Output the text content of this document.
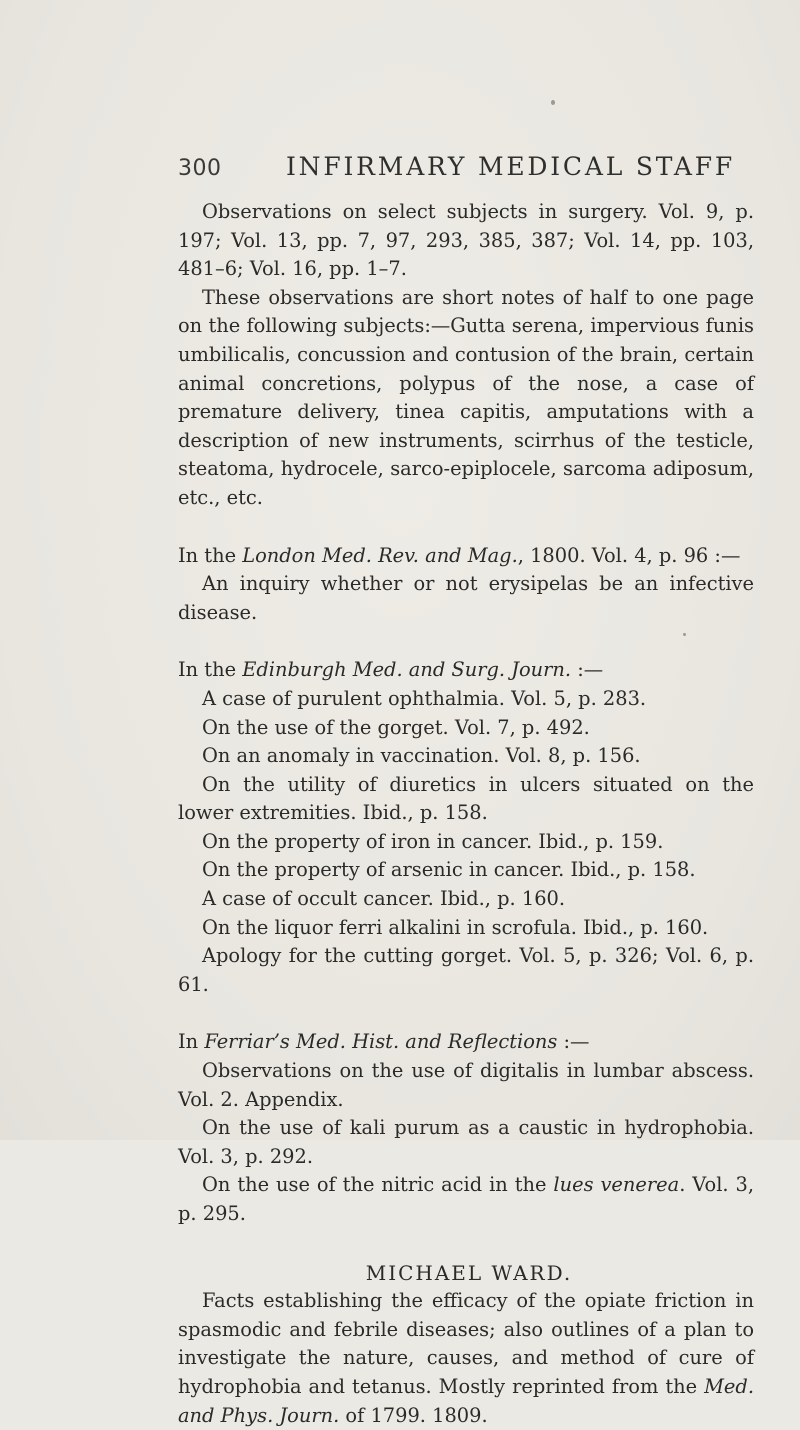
300	INFIRMARY MEDICAL STAFF

Observations on select subjects in surgery. Vol. 9, p. 197; Vol. 13, pp. 7, 97, 293, 385, 387; Vol. 14, pp. 103, 481–6; Vol. 16, pp. 1–7.

These observations are short notes of half to one page on the following subjects:—Gutta serena, impervious funis umbilicalis, concussion and contusion of the brain, certain animal concretions, polypus of the nose, a case of premature delivery, tinea capitis, amputations with a description of new instruments, scirrhus of the testicle, steatoma, hydrocele, sarco-epiplocele, sarcoma adiposum, etc., etc.

In the London Med. Rev. and Mag., 1800. Vol. 4, p. 96 :—

An inquiry whether or not erysipelas be an infective disease.

In the Edinburgh Med. and Surg. Journ. :—

A case of purulent ophthalmia. Vol. 5, p. 283.

On the use of the gorget. Vol. 7, p. 492.

On an anomaly in vaccination. Vol. 8, p. 156.

On the utility of diuretics in ulcers situated on the lower extremities. Ibid., p. 158.

On the property of iron in cancer. Ibid., p. 159.

On the property of arsenic in cancer. Ibid., p. 158.

A case of occult cancer. Ibid., p. 160.

On the liquor ferri alkalini in scrofula. Ibid., p. 160.

Apology for the cutting gorget. Vol. 5, p. 326; Vol. 6, p. 61.

In Ferriar’s Med. Hist. and Reflections :—

Observations on the use of digitalis in lumbar abscess. Vol. 2. Appendix.

On the use of kali purum as a caustic in hydrophobia. Vol. 3, p. 292.

On the use of the nitric acid in the lues venerea. Vol. 3, p. 295.

MICHAEL WARD.

Facts establishing the efficacy of the opiate friction in spasmodic and febrile diseases; also outlines of a plan to investigate the nature, causes, and method of cure of hydrophobia and tetanus. Mostly reprinted from the Med. and Phys. Journ. of 1799. 1809.
